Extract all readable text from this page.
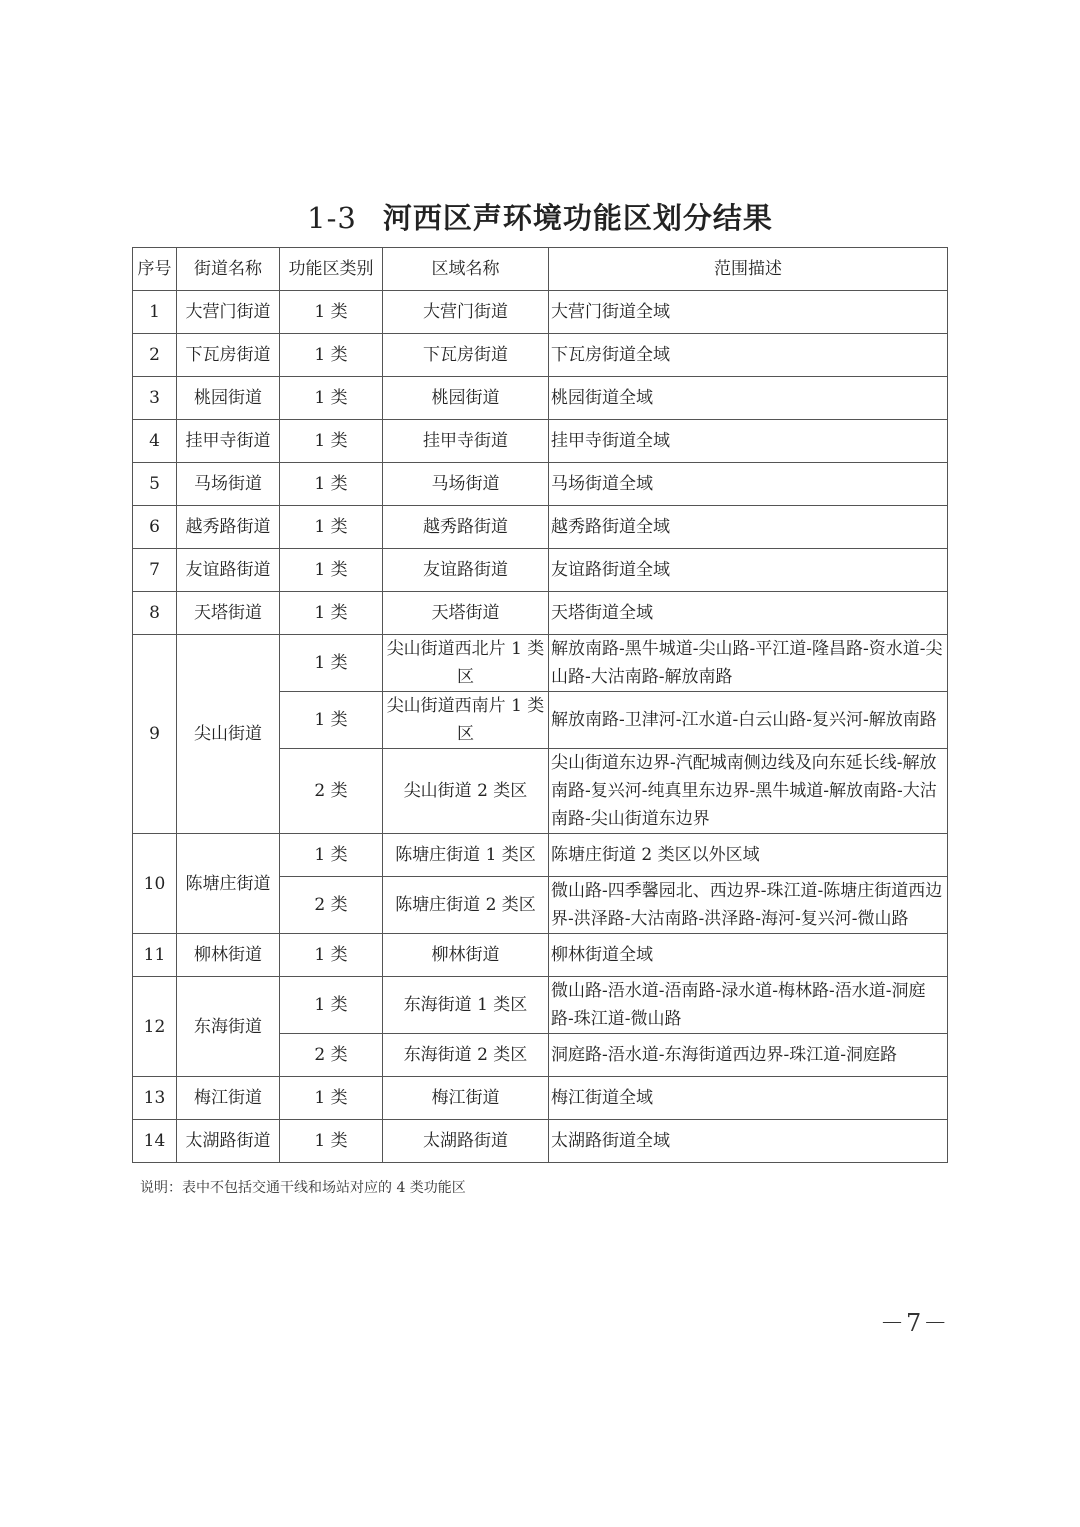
1-3 河西区声环境功能区划分结果
序号	街道名称	功能区类别	区域名称	范围描述
1	大营门街道	1 类	大营门街道	大营门街道全域
2	下瓦房街道	1 类	下瓦房街道	下瓦房街道全域
3	桃园街道	1 类	桃园街道	桃园街道全域
4	挂甲寺街道	1 类	挂甲寺街道	挂甲寺街道全域
5	马场街道	1 类	马场街道	马场街道全域
6	越秀路街道	1 类	越秀路街道	越秀路街道全域
7	友谊路街道	1 类	友谊路街道	友谊路街道全域
8	天塔街道	1 类	天塔街道	天塔街道全域
9	尖山街道	1 类	尖山街道西北片 1 类区	解放南路-黑牛城道-尖山路-平江道-隆昌路-资水道-尖山路-大沽南路-解放南路
		1 类	尖山街道西南片 1 类区	解放南路-卫津河-江水道-白云山路-复兴河-解放南路
		2 类	尖山街道 2 类区	尖山街道东边界-汽配城南侧边线及向东延长线-解放南路-复兴河-纯真里东边界-黑牛城道-解放南路-大沽南路-尖山街道东边界
10	陈塘庄街道	1 类	陈塘庄街道 1 类区	陈塘庄街道 2 类区以外区域
		2 类	陈塘庄街道 2 类区	微山路-四季馨园北、西边界-珠江道-陈塘庄街道西边界-洪泽路-大沽南路-洪泽路-海河-复兴河-微山路
11	柳林街道	1 类	柳林街道	柳林街道全域
12	东海街道	1 类	东海街道 1 类区	微山路-浯水道-浯南路-渌水道-梅林路-浯水道-洞庭路-珠江道-微山路
		2 类	东海街道 2 类区	洞庭路-浯水道-东海街道西边界-珠江道-洞庭路
13	梅江街道	1 类	梅江街道	梅江街道全域
14	太湖路街道	1 类	太湖路街道	太湖路街道全域
说明：表中不包括交通干线和场站对应的 4 类功能区
－7－
